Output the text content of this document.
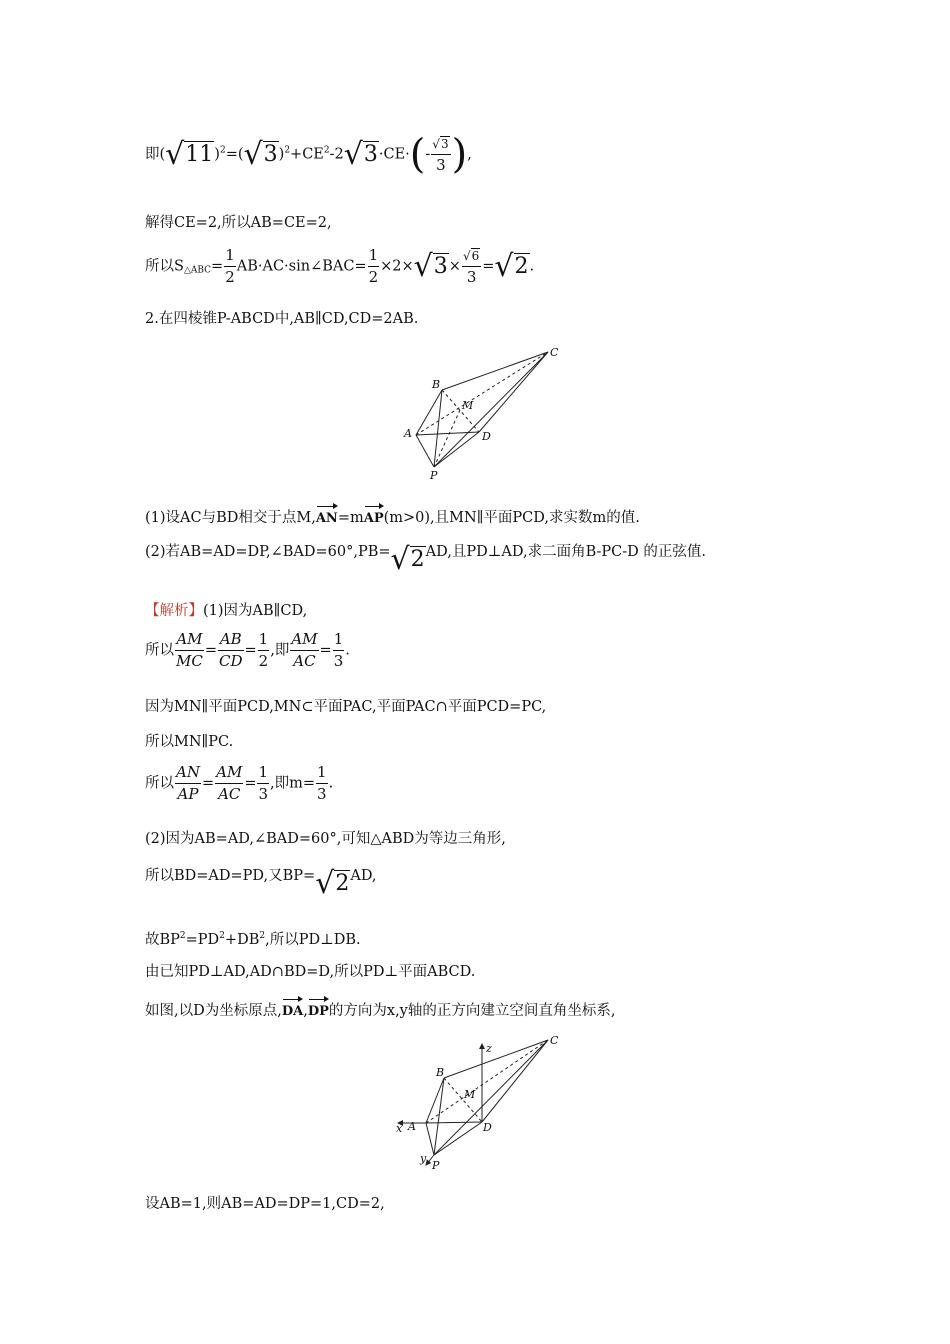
即$(√11)^2=(√3)^2+CE^2-2√3\cdot CE\cdot(- \frac{√3}{3}$ ),
解得CE=2,所以AB=CE=2,
所以$S_{\triangle ABC}= \frac{1}{2}$ AB·AC·sin∠BAC= $\frac{1}{2} \times 2\times√3\times \frac{√6}{3} =√2$.
2.在四棱锥P-ABCD中,AB∥CD,CD=2AB.
C
B
M
A	D
P
(1)设AC与BD相交于点M,AN=mAP(m>0),且MN∥平面PCD,求实数m的值.
(2)若AB=AD=DP,∠BAD=60°,PB=√2AD,且PD⊥AD,求二面角B-PC-D 的正弦值.
【解析】(1)因为AB∥CD,
所以 $\frac{AM}{MC} = \frac{AB}{CD} = \frac{1}{2}$ ,即 $\frac{AM}{AC} = \frac{1}{3}$ .
因为MN∥平面PCD,MN⊂平面PAC,平面PAC∩平面PCD=PC,
所以MN∥PC.
所以 $\frac{AN}{AP} = \frac{AM}{AC} = \frac{1}{3}$ ,即$m= \frac{1}{3}$ .
(2)因为AB=AD,∠BAD=60°,可知△ABD为等边三角形,
所以BD=AD=PD,又BP=√2AD,
故$BP^2=PD^2+DB^2$,所以PD⊥DB.
由已知PD⊥AD,AD∩BD=D,所以PD⊥平面ABCD.
如图,以D为坐标原点,DA,DP的方向为x,y轴的正方向建立空间直角坐标系,
C
z
B
M
x A	D
y
P
设AB=1,则AB=AD=DP=1,CD=2,
